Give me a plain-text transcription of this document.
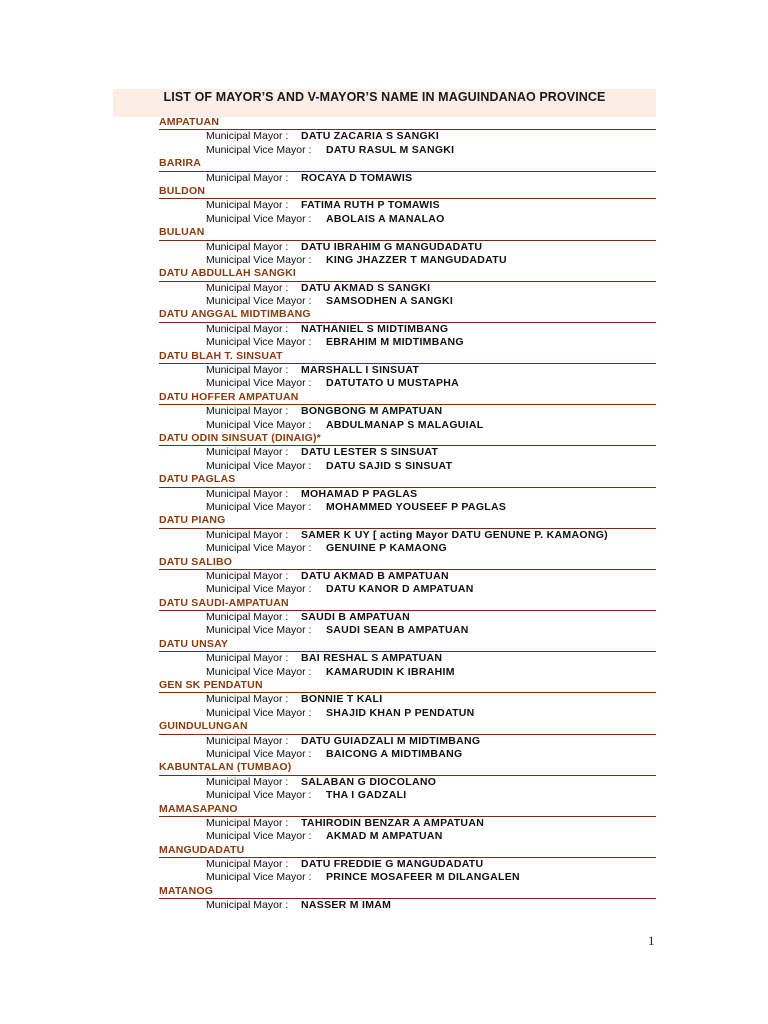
LIST OF MAYOR’S AND V-MAYOR’S NAME IN MAGUINDANAO PROVINCE
AMPATUAN
Municipal Mayor : DATU ZACARIA S SANGKI
Municipal Vice Mayor : DATU RASUL M SANGKI
BARIRA
Municipal Mayor : ROCAYA D TOMAWIS
BULDON
Municipal Mayor : FATIMA RUTH P TOMAWIS
Municipal Vice Mayor : ABOLAIS A MANALAO
BULUAN
Municipal Mayor : DATU IBRAHIM G MANGUDADATU
Municipal Vice Mayor : KING JHAZZER T MANGUDADATU
DATU ABDULLAH SANGKI
Municipal Mayor : DATU AKMAD S SANGKI
Municipal Vice Mayor : SAMSODHEN A SANGKI
DATU ANGGAL MIDTIMBANG
Municipal Mayor : NATHANIEL S MIDTIMBANG
Municipal Vice Mayor : EBRAHIM M MIDTIMBANG
DATU BLAH T. SINSUAT
Municipal Mayor : MARSHALL I SINSUAT
Municipal Vice Mayor : DATUTATO U MUSTAPHA
DATU HOFFER AMPATUAN
Municipal Mayor : BONGBONG M AMPATUAN
Municipal Vice Mayor : ABDULMANAP S MALAGUIAL
DATU ODIN SINSUAT (DINAIG)*
Municipal Mayor : DATU LESTER S SINSUAT
Municipal Vice Mayor : DATU SAJID S SINSUAT
DATU PAGLAS
Municipal Mayor : MOHAMAD P PAGLAS
Municipal Vice Mayor : MOHAMMED YOUSEEF P PAGLAS
DATU PIANG
Municipal Mayor : SAMER K UY [ acting Mayor DATU GENUNE P. KAMAONG)
Municipal Vice Mayor : GENUINE P KAMAONG
DATU SALIBO
Municipal Mayor : DATU AKMAD B AMPATUAN
Municipal Vice Mayor : DATU KANOR D AMPATUAN
DATU SAUDI-AMPATUAN
Municipal Mayor : SAUDI B AMPATUAN
Municipal Vice Mayor : SAUDI SEAN B AMPATUAN
DATU UNSAY
Municipal Mayor : BAI RESHAL S AMPATUAN
Municipal Vice Mayor : KAMARUDIN K IBRAHIM
GEN SK PENDATUN
Municipal Mayor : BONNIE T KALI
Municipal Vice Mayor : SHAJID KHAN P PENDATUN
GUINDULUNGAN
Municipal Mayor : DATU GUIADZALI M MIDTIMBANG
Municipal Vice Mayor : BAICONG A MIDTIMBANG
KABUNTALAN (TUMBAO)
Municipal Mayor : SALABAN G DIOCOLANO
Municipal Vice Mayor : THA I GADZALI
MAMASAPANO
Municipal Mayor : TAHIRODIN BENZAR A AMPATUAN
Municipal Vice Mayor : AKMAD M AMPATUAN
MANGUDADATU
Municipal Mayor : DATU FREDDIE G MANGUDADATU
Municipal Vice Mayor : PRINCE MOSAFEER M DILANGALEN
MATANOG
Municipal Mayor : NASSER M IMAM
1
